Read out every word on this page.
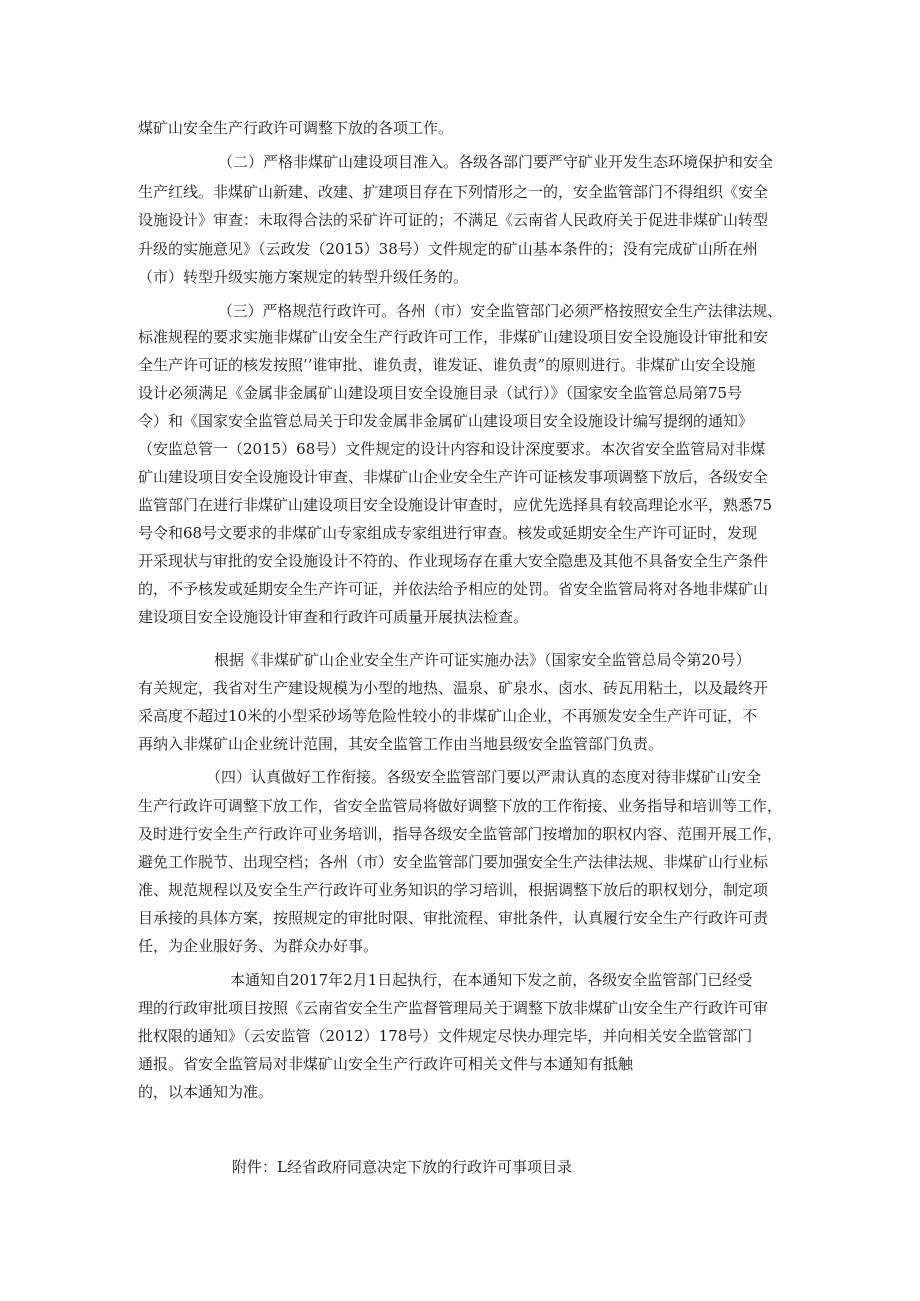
煤矿山安全生产行政许可调整下放的各项工作。
（二）严格非煤矿山建设项目准入。各级各部门要严守矿业开发生态环境保护和安全
生产红线。非煤矿山新建、改建、扩建项目存在下列情形之一的，安全监管部门不得组织《安全
设施设计》审查：未取得合法的采矿许可证的；不满足《云南省人民政府关于促进非煤矿山转型
升级的实施意见》（云政发（2015）38号）文件规定的矿山基本条件的；没有完成矿山所在州
（市）转型升级实施方案规定的转型升级任务的。
（三）严格规范行政许可。各州（市）安全监管部门必须严格按照安全生产法律法规、
标准规程的要求实施非煤矿山安全生产行政许可工作，非煤矿山建设项目安全设施设计审批和安
全生产许可证的核发按照’’谁审批、谁负责，谁发证、谁负责”的原则进行。非煤矿山安全设施
设计必须满足《金属非金属矿山建设项目安全设施目录（试行）》（国家安全监管总局第75号
令）和《国家安全监管总局关于印发金属非金属矿山建设项目安全设施设计编写提纲的通知》
（安监总管一（2015）68号）文件规定的设计内容和设计深度要求。本次省安全监管局对非煤
矿山建设项目安全设施设计审查、非煤矿山企业安全生产许可证核发事项调整下放后，各级安全
监管部门在进行非煤矿山建设项目安全设施设计审查时，应优先选择具有较高理论水平，熟悉75
号令和68号文要求的非煤矿山专家组成专家组进行审查。核发或延期安全生产许可证时，发现
开采现状与审批的安全设施设计不符的、作业现场存在重大安全隐患及其他不具备安全生产条件
的，不予核发或延期安全生产许可证，并依法给予相应的处罚。省安全监管局将对各地非煤矿山
建设项目安全设施设计审查和行政许可质量开展执法检查。
根据《非煤矿矿山企业安全生产许可证实施办法》（国家安全监管总局令第20号）
有关规定，我省对生产建设规模为小型的地热、温泉、矿泉水、卤水、砖瓦用粘土，以及最终开
采高度不超过10米的小型采砂场等危险性较小的非煤矿山企业，不再颁发安全生产许可证，不
再纳入非煤矿山企业统计范围，其安全监管工作由当地县级安全监管部门负责。
（四）认真做好工作衔接。各级安全监管部门要以严肃认真的态度对待非煤矿山安全
生产行政许可调整下放工作，省安全监管局将做好调整下放的工作衔接、业务指导和培训等工作，
及时进行安全生产行政许可业务培训，指导各级安全监管部门按增加的职权内容、范围开展工作，
避免工作脱节、出现空档；各州（市）安全监管部门要加强安全生产法律法规、非煤矿山行业标
准、规范规程以及安全生产行政许可业务知识的学习培训，根据调整下放后的职权划分，制定项
目承接的具体方案，按照规定的审批时限、审批流程、审批条件，认真履行安全生产行政许可责
任，为企业服好务、为群众办好事。
本通知自2017年2月1日起执行，在本通知下发之前，各级安全监管部门已经受
理的行政审批项目按照《云南省安全生产监督管理局关于调整下放非煤矿山安全生产行政许可审
批权限的通知》（云安监管（2012）178号）文件规定尽快办理完毕，并向相关安全监管部门
通报。省安全监管局对非煤矿山安全生产行政许可相关文件与本通知有抵触
的，以本通知为准。
附件：L经省政府同意决定下放的行政许可事项目录
